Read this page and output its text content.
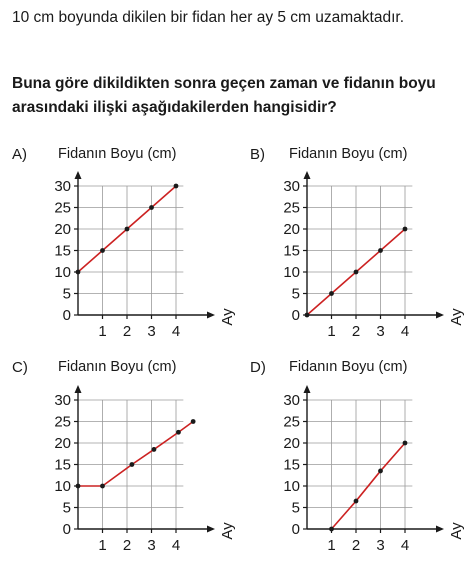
10 cm boyunda dikilen bir fidan her ay 5 cm uzamaktadır.

Buna göre dikildikten sonra geçen zaman ve fidanın boyu arasındaki ilişki aşağıdakilerden hangisidir?

A) Fidanın Boyu (cm)	B) Fidanın Boyu (cm)
C) Fidanın Boyu (cm)	D) Fidanın Boyu (cm)
0
5
10
15
20
25
30
1 2 3 4
Ay	0
5
10
15
20
25
30
1 2 3 4
Ay
0
5
10
15
20
25
30
1 2 3 4
Ay	0
5
10
15
20
25
30
1 2 3 4
Ay
